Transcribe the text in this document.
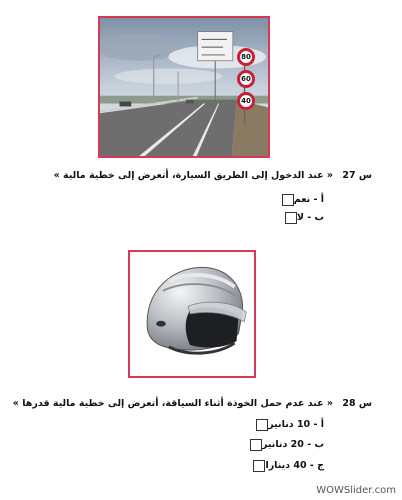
80
60
40
س 27 « عند الدخول إلى الطريق السيارة، أتعرض إلى خطية مالية »
أ - نعم
ب - لا
س 28 « عند عدم حمل الخوذة أثناء السياقة، أتعرض إلى خطية مالية قدرها »
أ - 10 دنانير
ب - 20 دنانير
ج - 40 دينارا
WOWSlider.com
